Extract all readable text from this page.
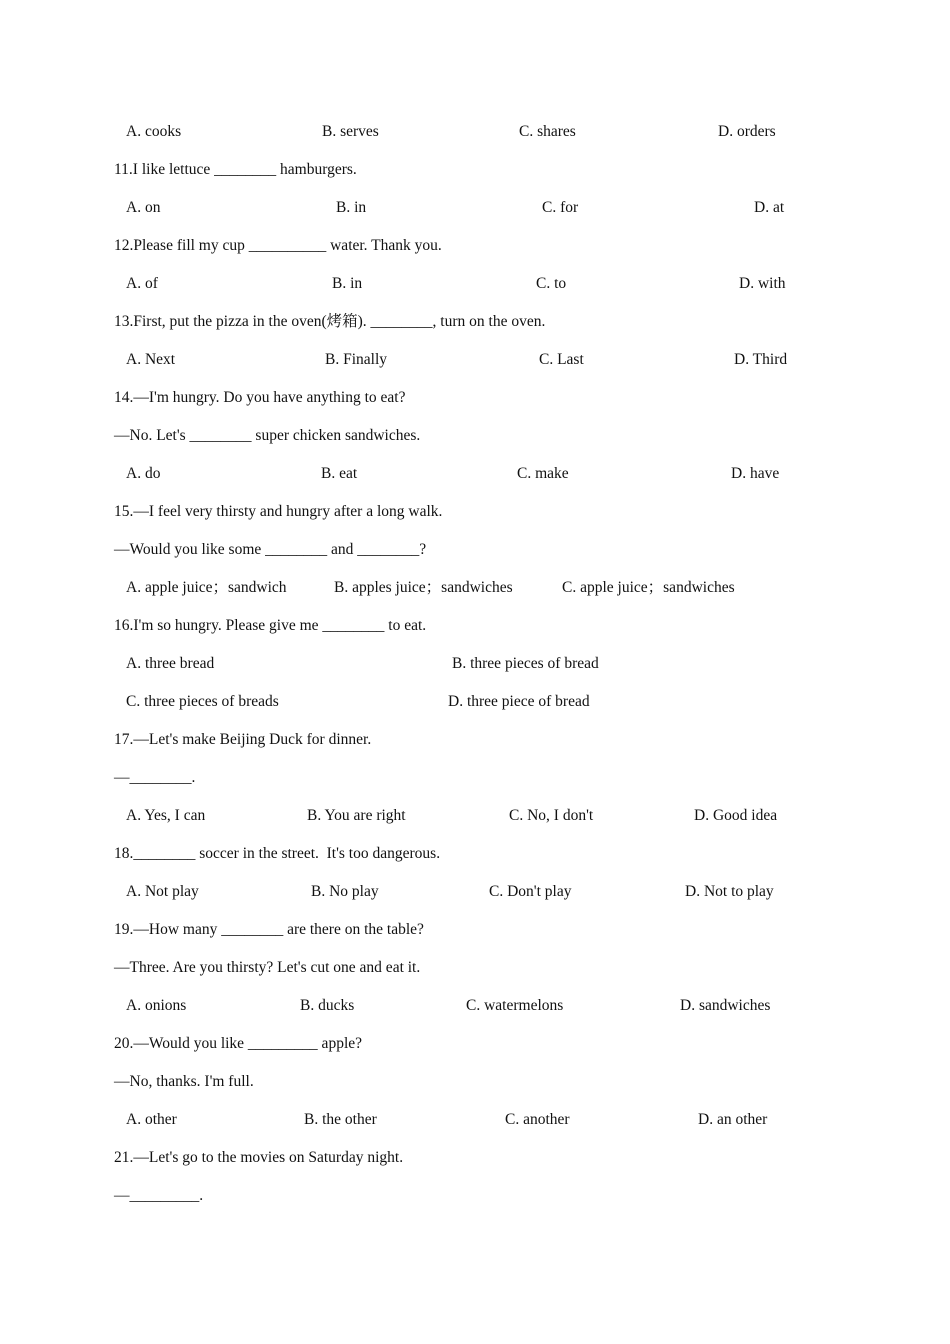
A. cooks	B. serves	C. shares	D. orders
11.I like lettuce ________ hamburgers.
A. on	B. in	C. for	D. at
12.Please fill my cup __________ water. Thank you.
A. of	B. in	C. to	D. with
13.First, put the pizza in the oven(烤箱). ________, turn on the oven.
A. Next	B. Finally	C. Last	D. Third
14.—I'm hungry. Do you have anything to eat?
—No. Let's ________ super chicken sandwiches.
A. do	B. eat	C. make	D. have
15.—I feel very thirsty and hungry after a long walk.
—Would you like some ________ and ________?
A. apple juice；sandwich	B. apples juice；sandwiches	C. apple juice；sandwiches
16.I'm so hungry. Please give me ________ to eat.
A. three bread	B. three pieces of bread
C. three pieces of breads	D. three piece of bread
17.—Let's make Beijing Duck for dinner.
—________.
A. Yes, I can	B. You are right	C. No, I don't	D. Good idea
18.________ soccer in the street.  It's too dangerous.
A. Not play	B. No play	C. Don't play	D. Not to play
19.—How many ________ are there on the table?
—Three. Are you thirsty? Let's cut one and eat it.
A. onions	B. ducks	C. watermelons	D. sandwiches
20.—Would you like _________ apple?
—No, thanks. I'm full.
A. other	B. the other	C. another	D. an other
21.—Let's go to the movies on Saturday night.
—_________.
